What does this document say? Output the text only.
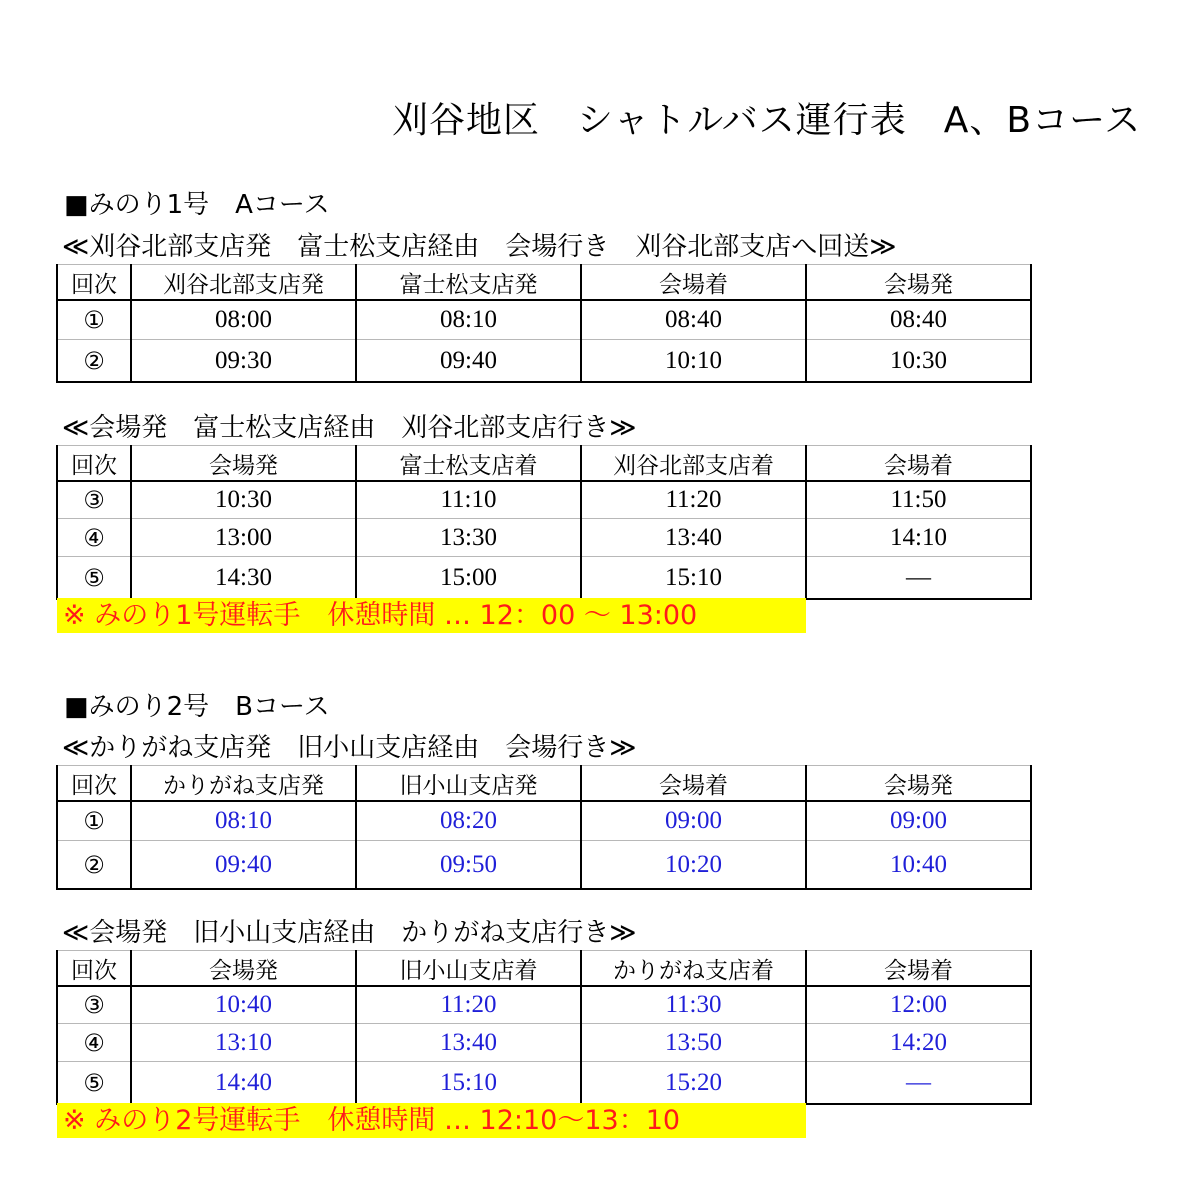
刈谷地区　シャトルバス運行表　A、Bコース
■みのり1号　Aコース
≪刈谷北部支店発　富士松支店経由　会場行き　刈谷北部支店へ回送≫
回次	刈谷北部支店発	富士松支店発	会場着	会場発
①	08:00	08:10	08:40	08:40
②	09:30	09:40	10:10	10:30
≪会場発　富士松支店経由　刈谷北部支店行き≫
回次	会場発	富士松支店着	刈谷北部支店着	会場着
③	10:30	11:10	11:20	11:50
④	13:00	13:30	13:40	14:10
⑤	14:30	15:00	15:10	―
※ みのり1号運転手　休憩時間 … 12：00 ～ 13:00
■みのり2号　Bコース
≪かりがね支店発　旧小山支店経由　会場行き≫
回次	かりがね支店発	旧小山支店発	会場着	会場発
①	08:10	08:20	09:00	09:00
②	09:40	09:50	10:20	10:40
≪会場発　旧小山支店経由　かりがね支店行き≫
回次	会場発	旧小山支店着	かりがね支店着	会場着
③	10:40	11:20	11:30	12:00
④	13:10	13:40	13:50	14:20
⑤	14:40	15:10	15:20	―
※ みのり2号運転手　休憩時間 … 12:10～13：10
